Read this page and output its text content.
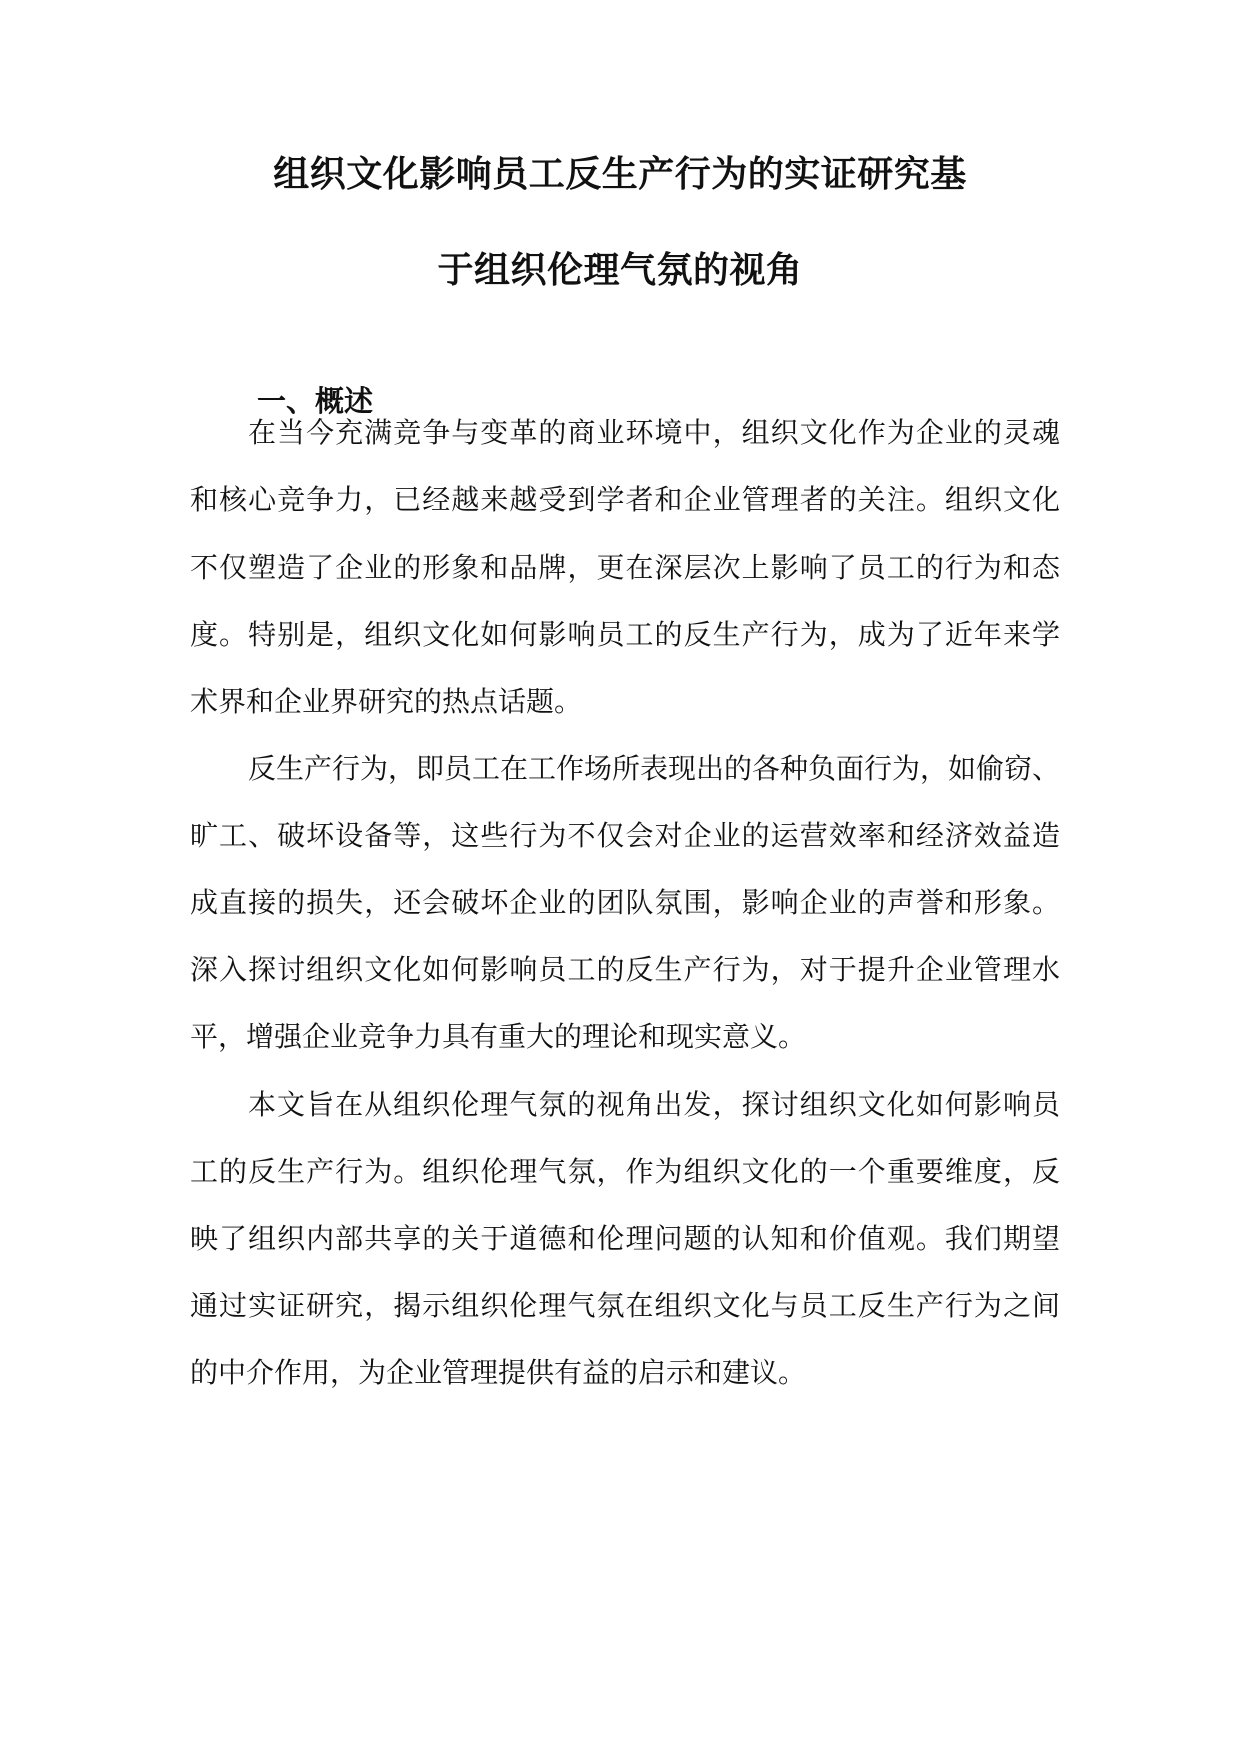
组织文化影响员工反生产行为的实证研究基
于组织伦理气氛的视角
一、概述
在当今充满竞争与变革的商业环境中，组织文化作为企业的灵魂
和核心竞争力，已经越来越受到学者和企业管理者的关注。组织文化
不仅塑造了企业的形象和品牌，更在深层次上影响了员工的行为和态
度。特别是，组织文化如何影响员工的反生产行为，成为了近年来学
术界和企业界研究的热点话题。
反生产行为，即员工在工作场所表现出的各种负面行为，如偷窃、
旷工、破坏设备等，这些行为不仅会对企业的运营效率和经济效益造
成直接的损失，还会破坏企业的团队氛围，影响企业的声誉和形象。
深入探讨组织文化如何影响员工的反生产行为，对于提升企业管理水
平，增强企业竞争力具有重大的理论和现实意义。
本文旨在从组织伦理气氛的视角出发，探讨组织文化如何影响员
工的反生产行为。组织伦理气氛，作为组织文化的一个重要维度，反
映了组织内部共享的关于道德和伦理问题的认知和价值观。我们期望
通过实证研究，揭示组织伦理气氛在组织文化与员工反生产行为之间
的中介作用，为企业管理提供有益的启示和建议。
